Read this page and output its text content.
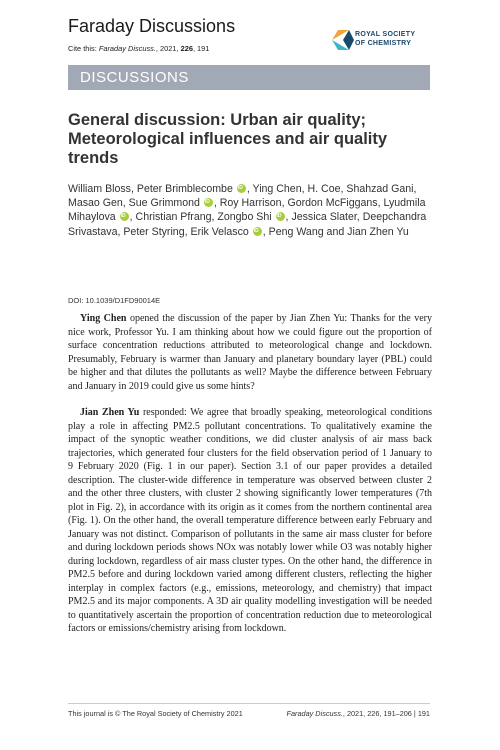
Faraday Discussions
Cite this: Faraday Discuss., 2021, 226, 191
ROYAL SOCIETY
OF CHEMISTRY
DISCUSSIONS
General discussion: Urban air quality; Meteorological influences and air quality trends
William Bloss, Peter Brimblecombe iD , Ying Chen, H. Coe, Shahzad Gani, Masao Gen, Sue Grimmond iD , Roy Harrison, Gordon McFiggans, Lyudmila Mihaylova iD , Christian Pfrang, Zongbo Shi iD , Jessica Slater, Deepchandra Srivastava, Peter Styring, Erik Velasco iD , Peng Wang and Jian Zhen Yu
DOI: 10.1039/D1FD90014E

Ying Chen opened the discussion of the paper by Jian Zhen Yu: Thanks for the very nice work, Professor Yu. I am thinking about how we could figure out the proportion of surface concentration reductions attributed to meteorological change and lockdown. Presumably, February is warmer than January and planetary boundary layer (PBL) could be higher and that dilutes the pollutants as well? Maybe the difference between February and January in 2019 could give us some hints?

Jian Zhen Yu responded: We agree that broadly speaking, meteorological conditions play a role in affecting PM2.5 pollutant concentrations. To qualitatively examine the impact of the synoptic weather conditions, we did cluster analysis of air mass back trajectories, which generated four clusters for the field observation period of 1 January to 9 February 2020 (Fig. 1 in our paper). Section 3.1 of our paper provides a detailed description. The cluster-wide difference in temperature was observed between cluster 2 and the other three clusters, with cluster 2 showing significantly lower temperatures (7th plot in Fig. 2), in accordance with its origin as it comes from the northern continental area (Fig. 1). On the other hand, the overall temperature difference between early February and January was not distinct. Comparison of pollutants in the same air mass cluster for before and during lockdown periods shows NOx was notably lower while O3 was notably higher during lockdown, regardless of air mass cluster types. On the other hand, the difference in PM2.5 before and during lockdown varied among different clusters, reflecting the higher interplay in complex factors (e.g., emissions, meteorology, and chemistry) that impact PM2.5 and its major components. A 3D air quality modelling investigation will be needed to quantitatively ascertain the proportion of concentration reduction due to meteorological factors or emissions/chemistry arising from lockdown.

This journal is © The Royal Society of Chemistry 2021	Faraday Discuss., 2021, 226, 191–206 | 191
